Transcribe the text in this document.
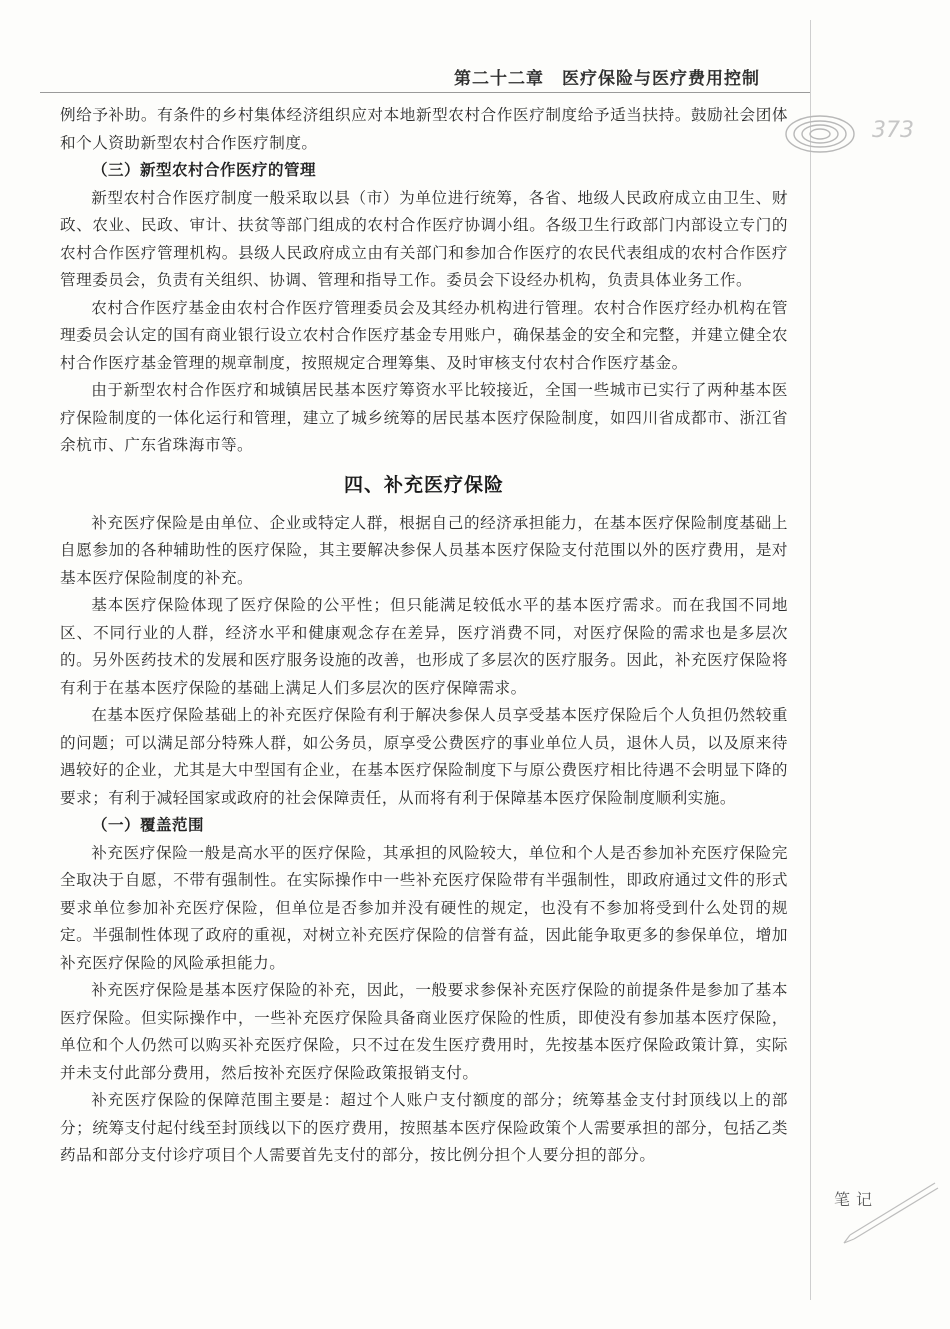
第二十二章　医疗保险与医疗费用控制
373

例给予补助。有条件的乡村集体经济组织应对本地新型农村合作医疗制度给予适当扶持。鼓励社会团体和个人资助新型农村合作医疗制度。

（三）新型农村合作医疗的管理

新型农村合作医疗制度一般采取以县（市）为单位进行统筹，各省、地级人民政府成立由卫生、财政、农业、民政、审计、扶贫等部门组成的农村合作医疗协调小组。各级卫生行政部门内部设立专门的农村合作医疗管理机构。县级人民政府成立由有关部门和参加合作医疗的农民代表组成的农村合作医疗管理委员会，负责有关组织、协调、管理和指导工作。委员会下设经办机构，负责具体业务工作。

农村合作医疗基金由农村合作医疗管理委员会及其经办机构进行管理。农村合作医疗经办机构在管理委员会认定的国有商业银行设立农村合作医疗基金专用账户，确保基金的安全和完整，并建立健全农村合作医疗基金管理的规章制度，按照规定合理筹集、及时审核支付农村合作医疗基金。

由于新型农村合作医疗和城镇居民基本医疗筹资水平比较接近，全国一些城市已实行了两种基本医疗保险制度的一体化运行和管理，建立了城乡统筹的居民基本医疗保险制度，如四川省成都市、浙江省余杭市、广东省珠海市等。

四、补充医疗保险

补充医疗保险是由单位、企业或特定人群，根据自己的经济承担能力，在基本医疗保险制度基础上自愿参加的各种辅助性的医疗保险，其主要解决参保人员基本医疗保险支付范围以外的医疗费用，是对基本医疗保险制度的补充。

基本医疗保险体现了医疗保险的公平性；但只能满足较低水平的基本医疗需求。而在我国不同地区、不同行业的人群，经济水平和健康观念存在差异，医疗消费不同，对医疗保险的需求也是多层次的。另外医药技术的发展和医疗服务设施的改善，也形成了多层次的医疗服务。因此，补充医疗保险将有利于在基本医疗保险的基础上满足人们多层次的医疗保障需求。

在基本医疗保险基础上的补充医疗保险有利于解决参保人员享受基本医疗保险后个人负担仍然较重的问题；可以满足部分特殊人群，如公务员，原享受公费医疗的事业单位人员，退休人员，以及原来待遇较好的企业，尤其是大中型国有企业，在基本医疗保险制度下与原公费医疗相比待遇不会明显下降的要求；有利于减轻国家或政府的社会保障责任，从而将有利于保障基本医疗保险制度顺利实施。

（一）覆盖范围

补充医疗保险一般是高水平的医疗保险，其承担的风险较大，单位和个人是否参加补充医疗保险完全取决于自愿，不带有强制性。在实际操作中一些补充医疗保险带有半强制性，即政府通过文件的形式要求单位参加补充医疗保险，但单位是否参加并没有硬性的规定，也没有不参加将受到什么处罚的规定。半强制性体现了政府的重视，对树立补充医疗保险的信誉有益，因此能争取更多的参保单位，增加补充医疗保险的风险承担能力。

补充医疗保险是基本医疗保险的补充，因此，一般要求参保补充医疗保险的前提条件是参加了基本医疗保险。但实际操作中，一些补充医疗保险具备商业医疗保险的性质，即使没有参加基本医疗保险，单位和个人仍然可以购买补充医疗保险，只不过在发生医疗费用时，先按基本医疗保险政策计算，实际并未支付此部分费用，然后按补充医疗保险政策报销支付。

补充医疗保险的保障范围主要是：超过个人账户支付额度的部分；统筹基金支付封顶线以上的部分；统筹支付起付线至封顶线以下的医疗费用，按照基本医疗保险政策个人需要承担的部分，包括乙类药品和部分支付诊疗项目个人需要首先支付的部分，按比例分担个人要分担的部分。

笔记
